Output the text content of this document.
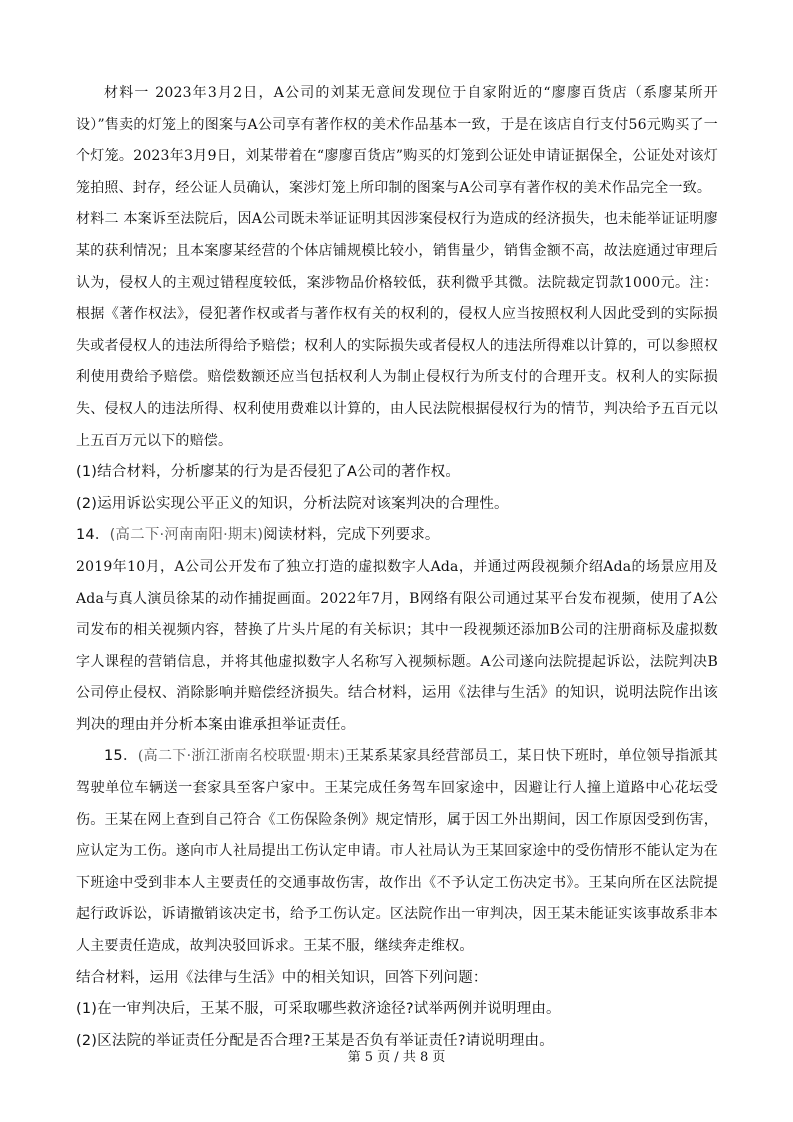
材料一 2023年3月2日，A公司的刘某无意间发现位于自家附近的“廖廖百货店（系廖某所开设）”售卖的灯笼上的图案与A公司享有著作权的美术作品基本一致，于是在该店自行支付56元购买了一个灯笼。2023年3月9日，刘某带着在“廖廖百货店”购买的灯笼到公证处申请证据保全，公证处对该灯笼拍照、封存，经公证人员确认，案涉灯笼上所印制的图案与A公司享有著作权的美术作品完全一致。

材料二 本案诉至法院后，因A公司既未举证证明其因涉案侵权行为造成的经济损失，也未能举证证明廖某的获利情况；且本案廖某经营的个体店铺规模比较小，销售量少，销售金额不高，故法庭通过审理后认为，侵权人的主观过错程度较低，案涉物品价格较低，获利微乎其微。法院裁定罚款1000元。注：根据《著作权法》，侵犯著作权或者与著作权有关的权利的，侵权人应当按照权利人因此受到的实际损失或者侵权人的违法所得给予赔偿；权利人的实际损失或者侵权人的违法所得难以计算的，可以参照权利使用费给予赔偿。赔偿数额还应当包括权利人为制止侵权行为所支付的合理开支。权利人的实际损失、侵权人的违法所得、权利使用费难以计算的，由人民法院根据侵权行为的情节，判决给予五百元以上五百万元以下的赔偿。

(1)结合材料，分析廖某的行为是否侵犯了A公司的著作权。

(2)运用诉讼实现公平正义的知识，分析法院对该案判决的合理性。

14．(高二下·河南南阳·期末)阅读材料，完成下列要求。

2019年10月，A公司公开发布了独立打造的虚拟数字人Ada，并通过两段视频介绍Ada的场景应用及Ada与真人演员徐某的动作捕捉画面。2022年7月，B网络有限公司通过某平台发布视频，使用了A公司发布的相关视频内容，替换了片头片尾的有关标识；其中一段视频还添加B公司的注册商标及虚拟数字人课程的营销信息，并将其他虚拟数字人名称写入视频标题。A公司遂向法院提起诉讼，法院判决B公司停止侵权、消除影响并赔偿经济损失。结合材料，运用《法律与生活》的知识，说明法院作出该判决的理由并分析本案由谁承担举证责任。

15．(高二下·浙江浙南名校联盟·期末)王某系某家具经营部员工，某日快下班时，单位领导指派其驾驶单位车辆送一套家具至客户家中。王某完成任务驾车回家途中，因避让行人撞上道路中心花坛受伤。王某在网上查到自己符合《工伤保险条例》规定情形，属于因工外出期间，因工作原因受到伤害，应认定为工伤。遂向市人社局提出工伤认定申请。市人社局认为王某回家途中的受伤情形不能认定为在下班途中受到非本人主要责任的交通事故伤害，故作出《不予认定工伤决定书》。王某向所在区法院提起行政诉讼，诉请撤销该决定书，给予工伤认定。区法院作出一审判决，因王某未能证实该事故系非本人主要责任造成，故判决驳回诉求。王某不服，继续奔走维权。

结合材料，运用《法律与生活》中的相关知识，回答下列问题：

(1)在一审判决后，王某不服，可采取哪些救济途径?试举两例并说明理由。

(2)区法院的举证责任分配是否合理?王某是否负有举证责任?请说明理由。

第 5 页 / 共 8 页
